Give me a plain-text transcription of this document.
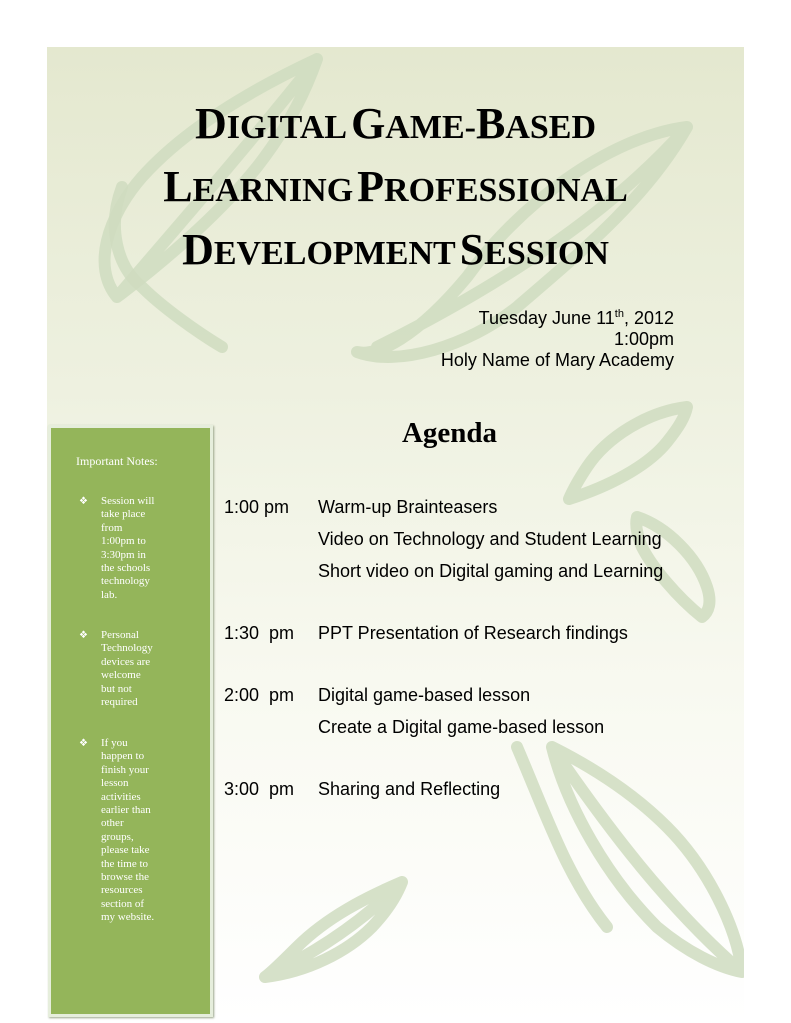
DIGITAL GAME-BASED
LEARNING PROFESSIONAL
DEVELOPMENT SESSION
Tuesday June 11th, 2012
1:00pm
Holy Name of Mary Academy
Agenda
Important Notes:
❖ Session will
take place
from
1:00pm to
3:30pm in
the schools
technology
lab.
❖ Personal
Technology
devices are
welcome
but not
required
❖ If you
happen to
finish your
lesson
activities
earlier than
other
groups,
please take
the time to
browse the
resources
section of
my website.
1:00 pm	Warm-up Brainteasers
Video on Technology and Student Learning
Short video on Digital gaming and Learning
1:30  pm	PPT Presentation of Research findings
2:00  pm	Digital game-based lesson
Create a Digital game-based lesson
3:00  pm	Sharing and Reflecting
